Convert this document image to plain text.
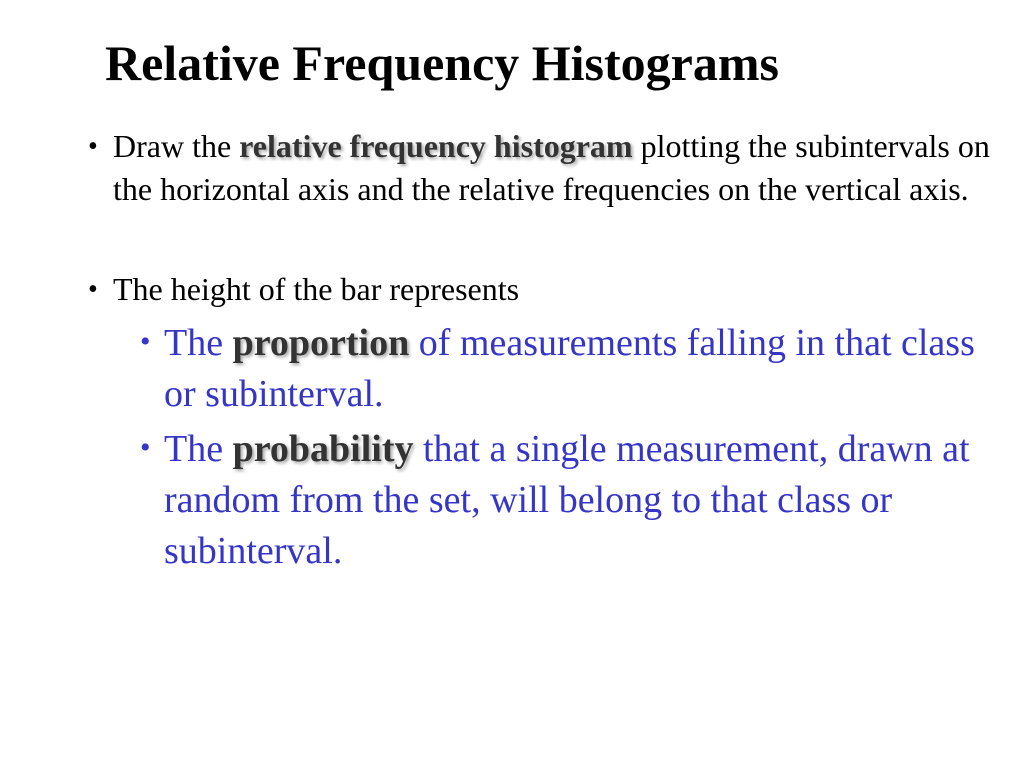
Relative Frequency Histograms
• Draw the relative frequency histogram plotting the subintervals on the horizontal axis and the relative frequencies on the vertical axis.
• The height of the bar represents
• The proportion of measurements falling in that class or subinterval.
• The probability that a single measurement, drawn at random from the set, will belong to that class or subinterval.
